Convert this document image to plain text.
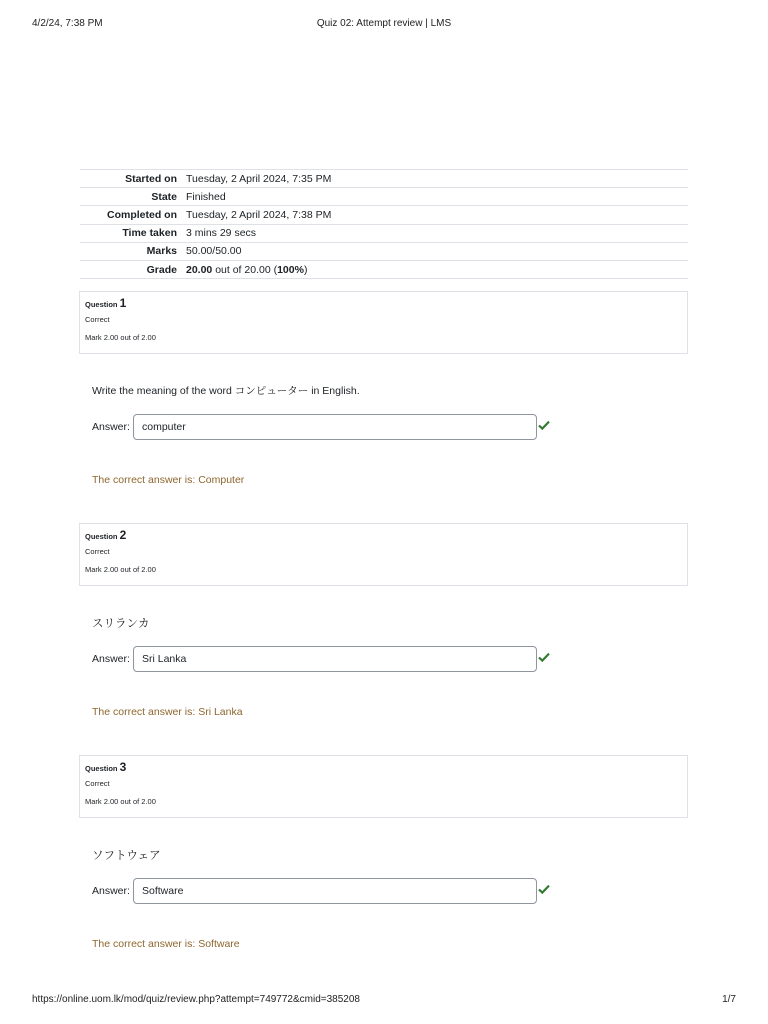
4/2/24, 7:38 PM	Quiz 02: Attempt review | LMS
Started on	Tuesday, 2 April 2024, 7:35 PM
State	Finished
Completed on	Tuesday, 2 April 2024, 7:38 PM
Time taken	3 mins 29 secs
Marks	50.00/50.00
Grade	20.00 out of 20.00 (100%)
Question 1
Correct
Mark 2.00 out of 2.00
Write the meaning of the word コンピューター in English.
Answer:	computer
The correct answer is: Computer
Question 2
Correct
Mark 2.00 out of 2.00
スリランカ
Answer:	Sri Lanka
The correct answer is: Sri Lanka
Question 3
Correct
Mark 2.00 out of 2.00
ソフトウェア
Answer:	Software
The correct answer is: Software
https://online.uom.lk/mod/quiz/review.php?attempt=749772&cmid=385208	1/7
